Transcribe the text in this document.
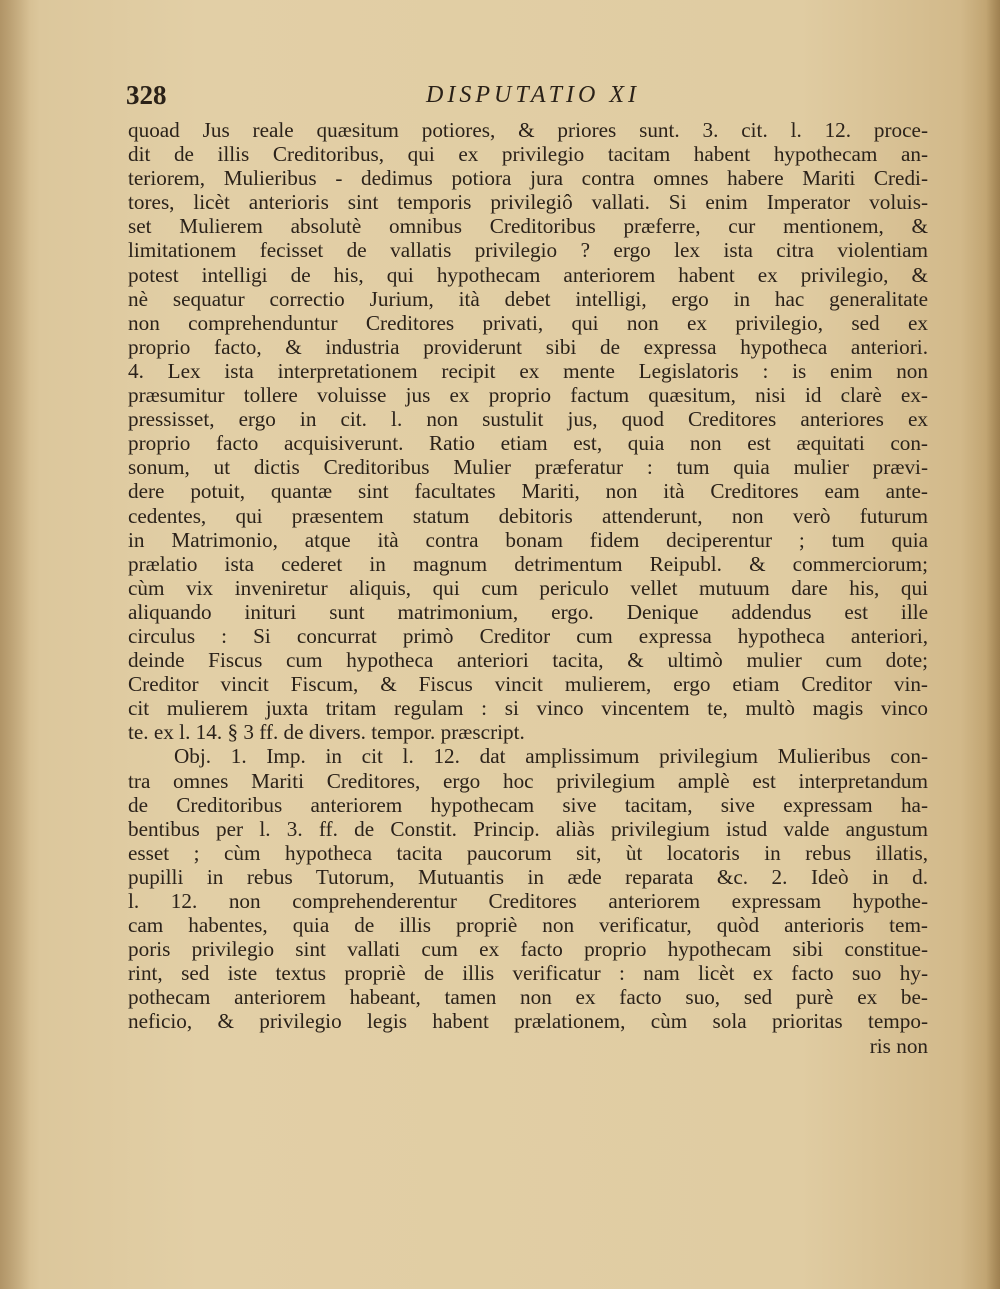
328	DISPUTATIO XI
quoad Jus reale quæsitum potiores, & priores sunt. 3. cit. l. 12. proce-
dit de illis Creditoribus, qui ex privilegio tacitam habent hypothecam an-
teriorem, Mulieribus - dedimus potiora jura contra omnes habere Mariti Credi-
tores, licèt anterioris sint temporis privilegiô vallati. Si enim Imperator voluis-
set Mulierem absolutè omnibus Creditoribus præferre, cur mentionem, &
limitationem fecisset de vallatis privilegio ? ergo lex ista citra violentiam
potest intelligi de his, qui hypothecam anteriorem habent ex privilegio, &
nè sequatur correctio Jurium, ità debet intelligi, ergo in hac generalitate
non comprehenduntur Creditores privati, qui non ex privilegio, sed ex
proprio facto, & industria providerunt sibi de expressa hypotheca anteriori.
4. Lex ista interpretationem recipit ex mente Legislatoris : is enim non
præsumitur tollere voluisse jus ex proprio factum quæsitum, nisi id clarè ex-
pressisset, ergo in cit. l. non sustulit jus, quod Creditores anteriores ex
proprio facto acquisiverunt. Ratio etiam est, quia non est æquitati con-
sonum, ut dictis Creditoribus Mulier præferatur : tum quia mulier prævi-
dere potuit, quantæ sint facultates Mariti, non ità Creditores eam ante-
cedentes, qui præsentem statum debitoris attenderunt, non verò futurum
in Matrimonio, atque ità contra bonam fidem deciperentur ; tum quia
prælatio ista cederet in magnum detrimentum Reipubl. & commerciorum;
cùm vix inveniretur aliquis, qui cum periculo vellet mutuum dare his, qui
aliquando inituri sunt matrimonium, ergo. Denique addendus est ille
circulus : Si concurrat primò Creditor cum expressa hypotheca anteriori,
deinde Fiscus cum hypotheca anteriori tacita, & ultimò mulier cum dote;
Creditor vincit Fiscum, & Fiscus vincit mulierem, ergo etiam Creditor vin-
cit mulierem juxta tritam regulam : si vinco vincentem te, multò magis vinco
te. ex l. 14. § 3 ff. de divers. tempor. præscript.
Obj. 1. Imp. in cit l. 12. dat amplissimum privilegium Mulieribus con-
tra omnes Mariti Creditores, ergo hoc privilegium amplè est interpretandum
de Creditoribus anteriorem hypothecam sive tacitam, sive expressam ha-
bentibus per l. 3. ff. de Constit. Princip. aliàs privilegium istud valde angustum
esset ; cùm hypotheca tacita paucorum sit, ùt locatoris in rebus illatis,
pupilli in rebus Tutorum, Mutuantis in æde reparata &c. 2. Ideò in d.
l. 12. non comprehenderentur Creditores anteriorem expressam hypothe-
cam habentes, quia de illis propriè non verificatur, quòd anterioris tem-
poris privilegio sint vallati cum ex facto proprio hypothecam sibi constitue-
rint, sed iste textus propriè de illis verificatur : nam licèt ex facto suo hy-
pothecam anteriorem habeant, tamen non ex facto suo, sed purè ex be-
neficio, & privilegio legis habent prælationem, cùm sola prioritas tempo-
ris non
